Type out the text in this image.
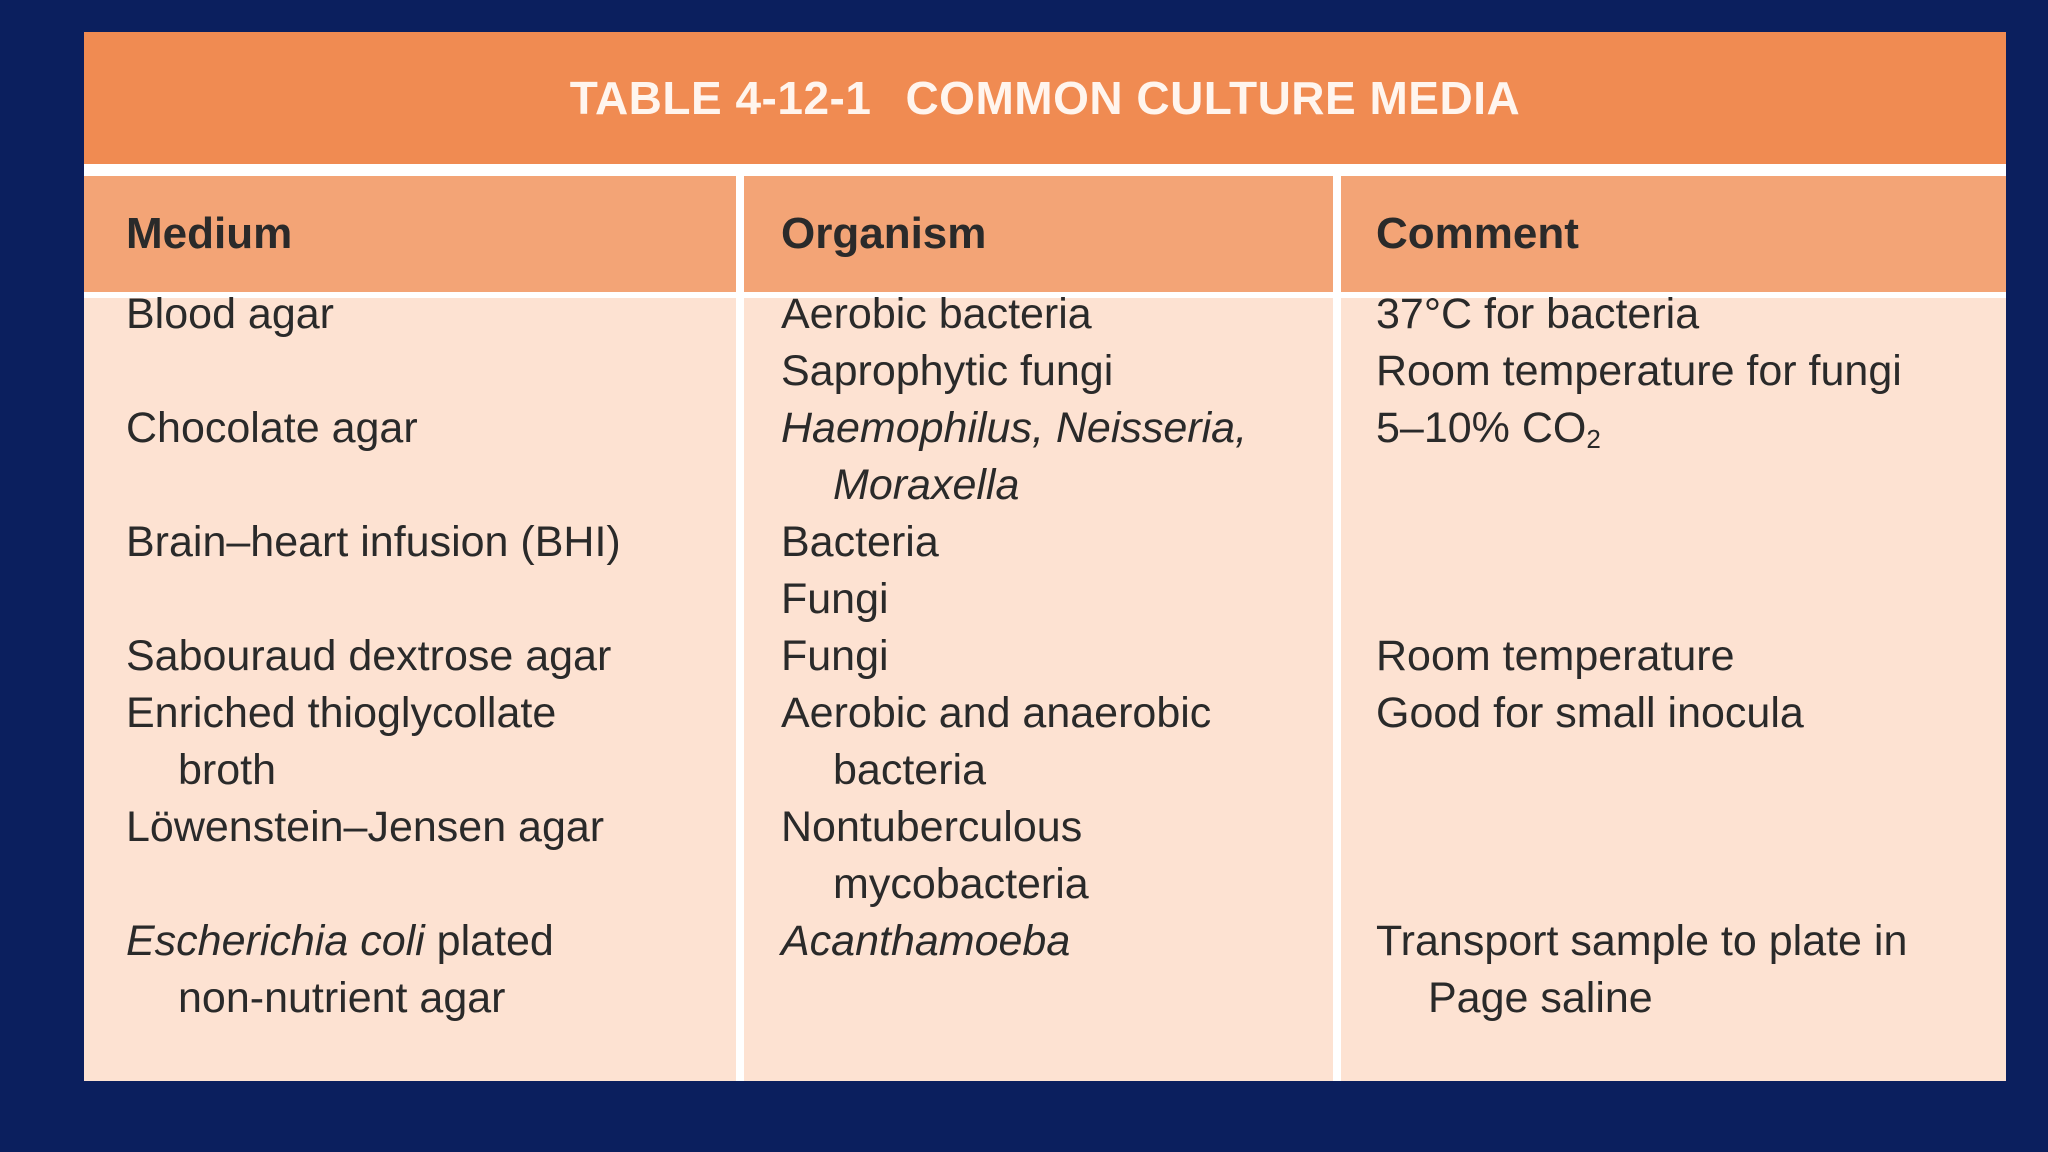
TABLE 4-12-1 COMMON CULTURE MEDIA
Medium	Organism	Comment
Blood agar
Chocolate agar
Brain–heart infusion (BHI)
Sabouraud dextrose agar
Enriched thioglycollate
broth
Löwenstein–Jensen agar
Escherichia coli plated
non-nutrient agar
Aerobic bacteria
Saprophytic fungi
Haemophilus, Neisseria,
Moraxella
Bacteria
Fungi
Fungi
Aerobic and anaerobic
bacteria
Nontuberculous
mycobacteria
Acanthamoeba
37°C for bacteria
Room temperature for fungi
5–10% $CO_2$
Room temperature
Good for small inocula
Transport sample to plate in
Page saline
